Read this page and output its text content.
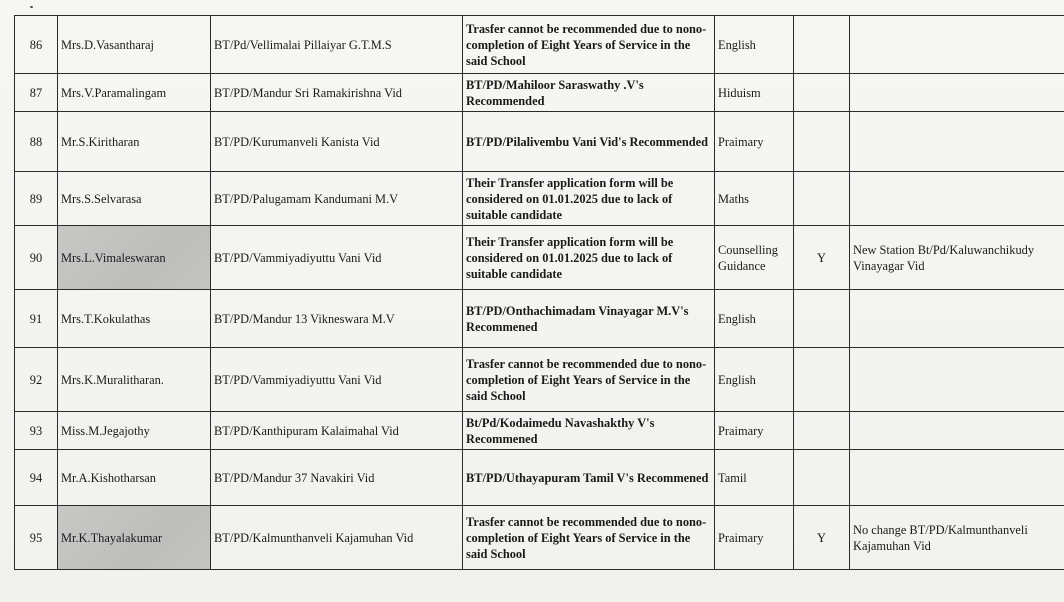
86	Mrs.D.Vasantharaj	BT/Pd/Vellimalai Pillaiyar G.T.M.S	Trasfer cannot be recommended due to nono-completion of Eight Years of Service in the said School	English		
87	Mrs.V.Paramalingam	BT/PD/Mandur Sri Ramakirishna Vid	BT/PD/Mahiloor Saraswathy .V's Recommended	Hiduism		
88	Mr.S.Kiritharan	BT/PD/Kurumanveli Kanista Vid	BT/PD/Pilalivembu Vani Vid's Recommended	Praimary		
89	Mrs.S.Selvarasa	BT/PD/Palugamam Kandumani M.V	Their Transfer application form will be considered on 01.01.2025 due to lack of suitable candidate	Maths		
90	Mrs.L.Vimaleswaran	BT/PD/Vammiyadiyuttu Vani Vid	Their Transfer application form will be considered on 01.01.2025 due to lack of suitable candidate	Counselling Guidance	Y	New Station Bt/Pd/Kaluwanchikudy Vinayagar Vid
91	Mrs.T.Kokulathas	BT/PD/Mandur 13 Vikneswara M.V	BT/PD/Onthachimadam Vinayagar M.V's Recommened	English		
92	Mrs.K.Muralitharan.	BT/PD/Vammiyadiyuttu Vani Vid	Trasfer cannot be recommended due to nono-completion of Eight Years of Service in the said School	English		
93	Miss.M.Jegajothy	BT/PD/Kanthipuram Kalaimahal Vid	Bt/Pd/Kodaimedu Navashakthy V's Recommened	Praimary		
94	Mr.A.Kishotharsan	BT/PD/Mandur 37 Navakiri Vid	BT/PD/Uthayapuram Tamil V's Recommened	Tamil		
95	Mr.K.Thayalakumar	BT/PD/Kalmunthanveli Kajamuhan Vid	Trasfer cannot be recommended due to nono-completion of Eight Years of Service in the said School	Praimary	Y	No change BT/PD/Kalmunthanveli Kajamuhan Vid
